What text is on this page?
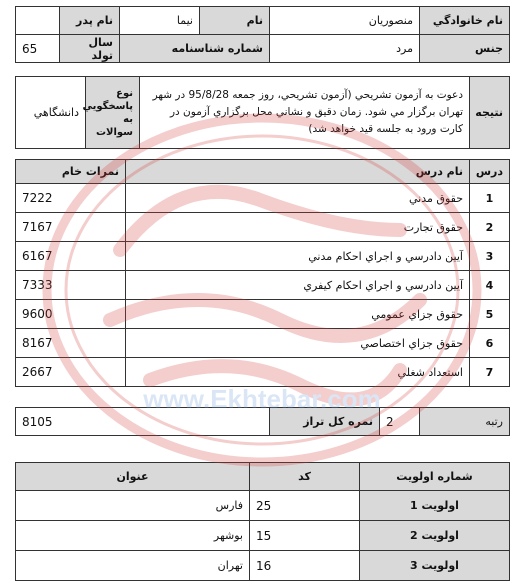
نام خانوادگي	منصوريان	نام	نيما	نام پدر	
جنس	مرد	شماره شناسنامه		سال تولد	65
نتيجه	دعوت به آزمون تشريحي (آزمون تشريحي، روز جمعه 95/8/28 در شهر تهران برگزار مي شود. زمان دقيق و نشاني محل برگزاري آزمون در كارت ورود به جلسه قيد خواهد شد)	نوع پاسخگويي به سوالات	دانشگاهي
درس	نام درس	نمرات خام
1	حقوق مدني	7222
2	حقوق تجارت	7167
3	آيين دادرسي و اجراي احكام مدني	6167
4	آيين دادرسي و اجراي احكام كيفري	7333
5	حقوق جزاي عمومي	9600
6	حقوق جزاي اختصاصي	8167
7	استعداد شغلي	2667
رتبه	2	نمره كل تراز	8105
شماره اولويت	كد	عنوان
اولويت 1	25	فارس
اولويت 2	15	بوشهر
اولويت 3	16	تهران
www.Ekhtebar.com
